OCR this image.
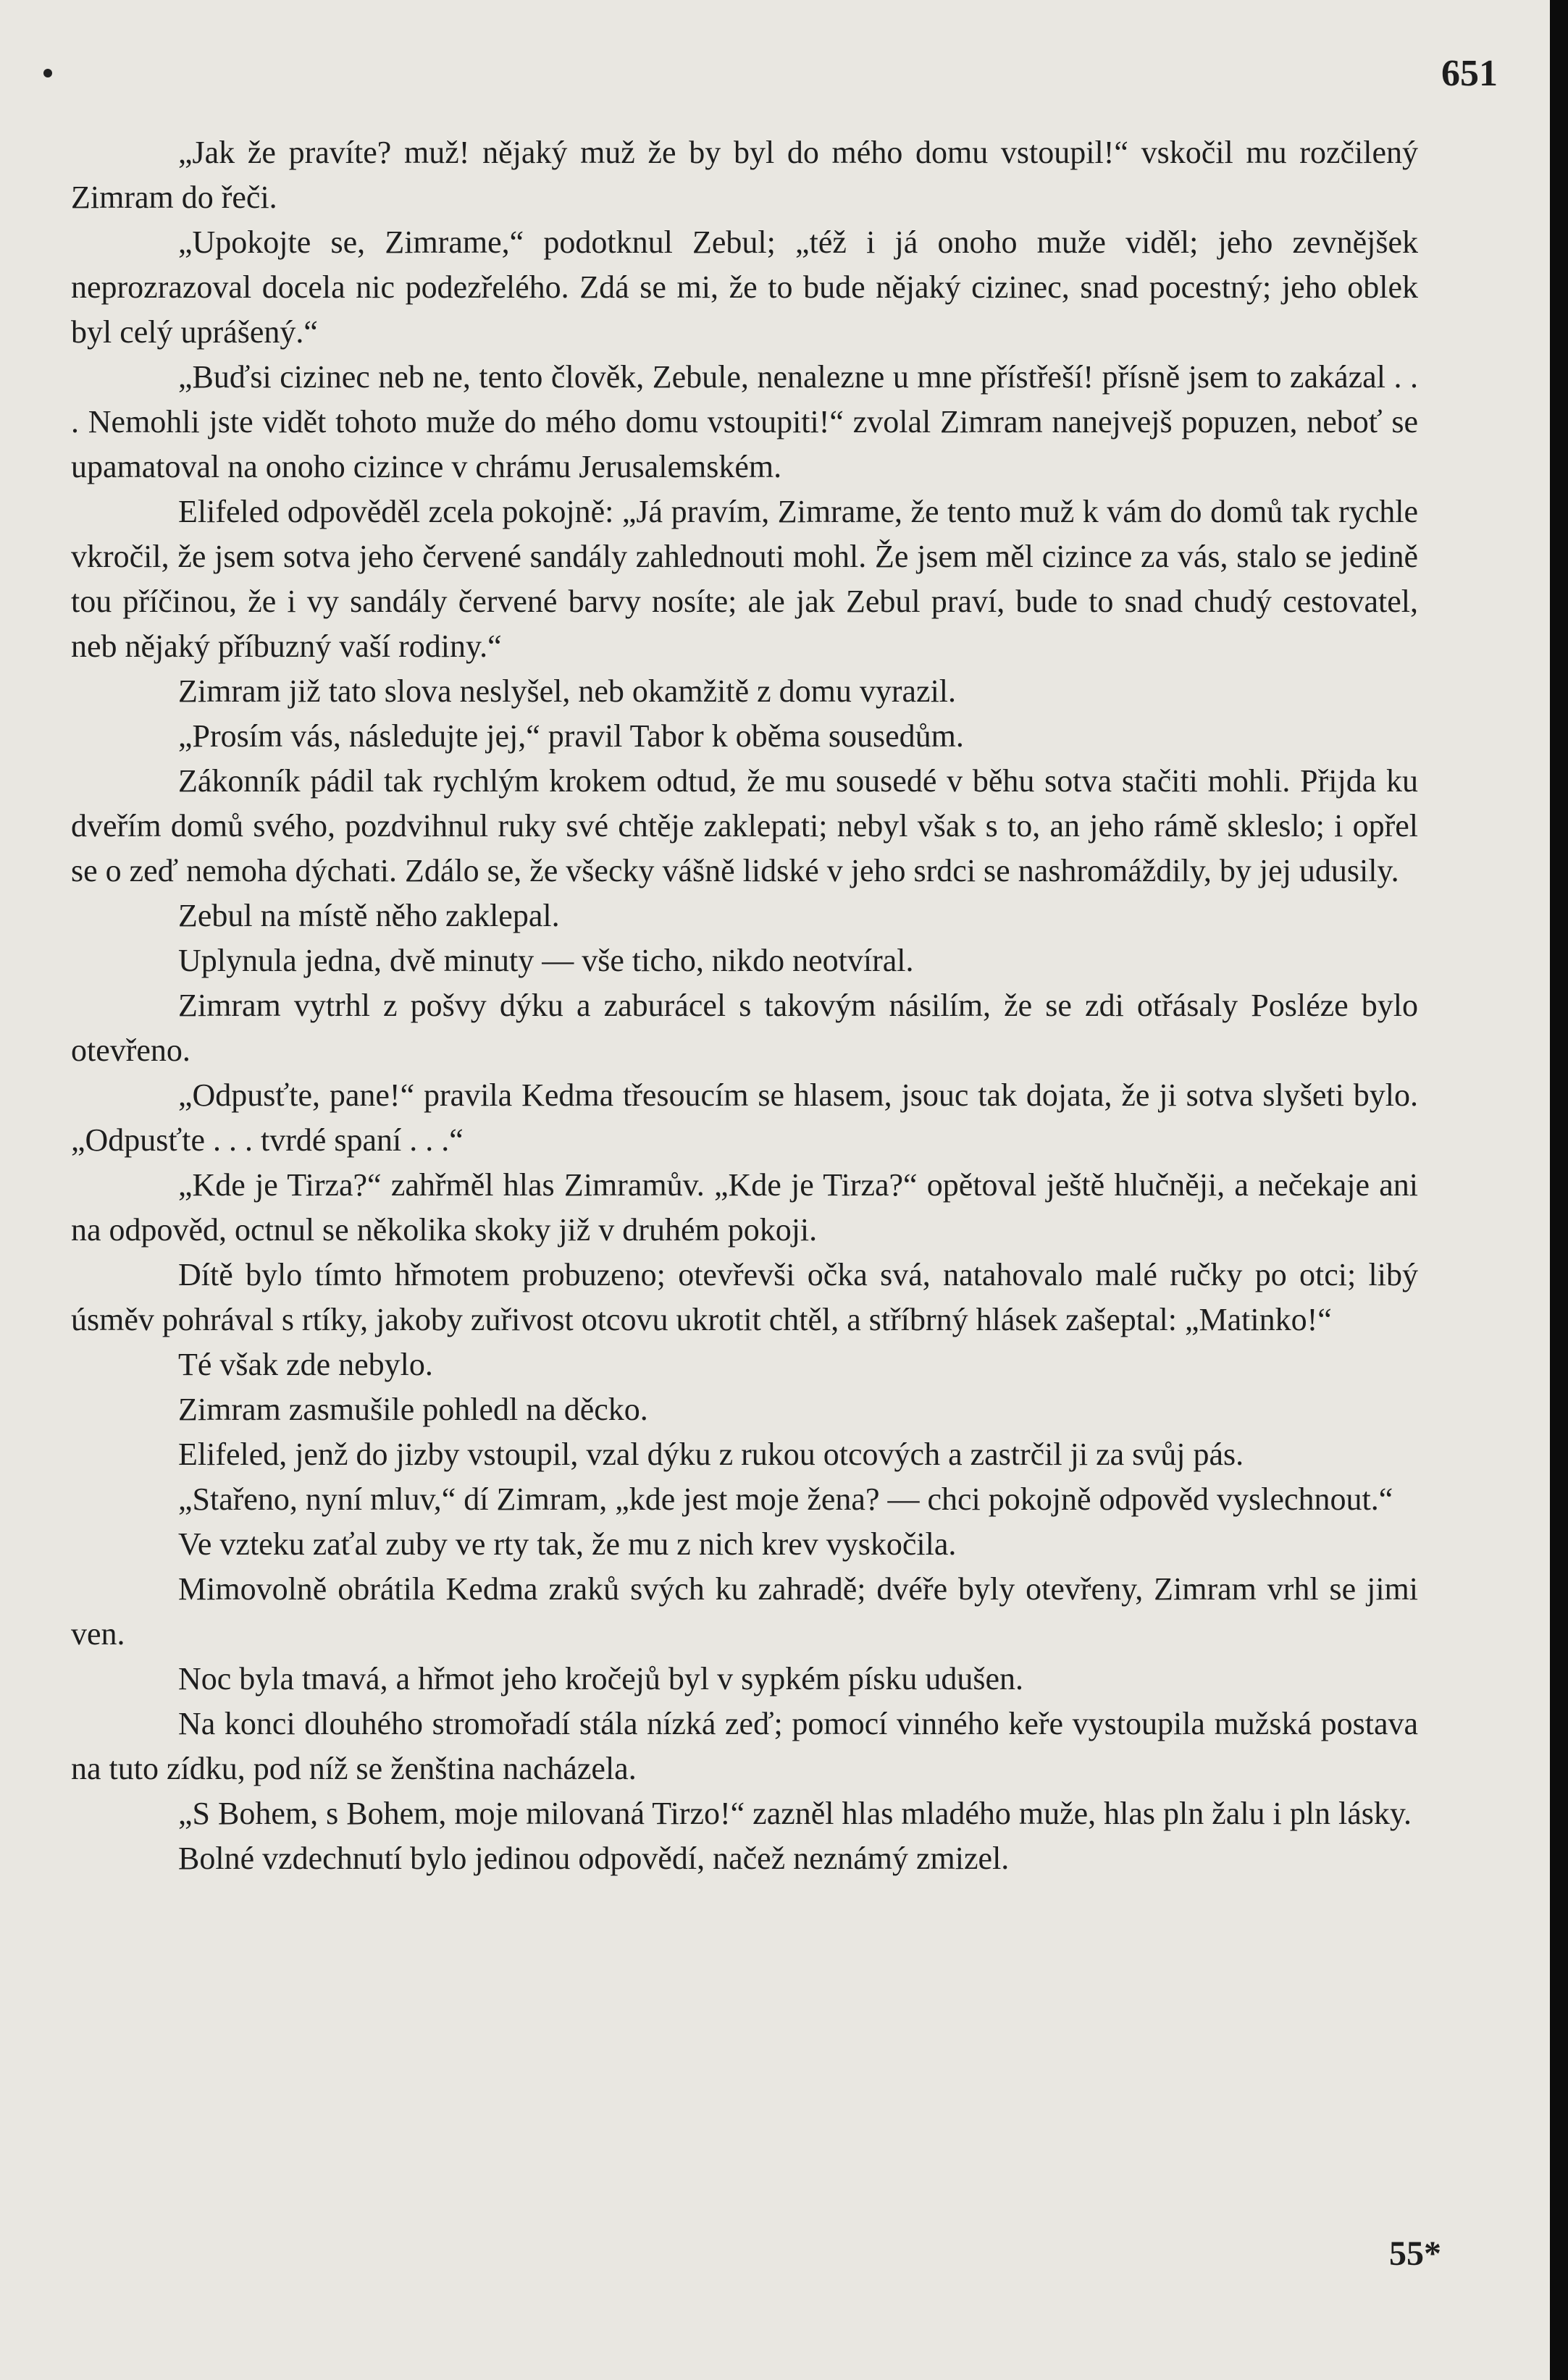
651

„Jak že pravíte? muž! nějaký muž že by byl do mého domu vstoupil!“ vskočil mu rozčilený Zimram do řeči.

„Upokojte se, Zimrame,“ podotknul Zebul; „též i já onoho muže viděl; jeho zevnějšek neprozrazoval docela nic podezřelého. Zdá se mi, že to bude nějaký cizinec, snad pocestný; jeho oblek byl celý uprášený.“

„Buďsi cizinec neb ne, tento člověk, Zebule, nenalezne u mne přístřeší! přísně jsem to zakázal . . . Nemohli jste vidět tohoto muže do mého domu vstoupiti!“ zvolal Zimram nanejvejš popuzen, neboť se upamatoval na onoho cizince v chrámu Jerusalemském.

Elifeled odpověděl zcela pokojně: „Já pravím, Zimrame, že tento muž k vám do domů tak rychle vkročil, že jsem sotva jeho červené sandály zahlednouti mohl. Že jsem měl cizince za vás, stalo se jedině tou příčinou, že i vy sandály červené barvy nosíte; ale jak Zebul praví, bude to snad chudý cestovatel, neb nějaký příbuzný vaší rodiny.“

Zimram již tato slova neslyšel, neb okamžitě z domu vyrazil.

„Prosím vás, následujte jej,“ pravil Tabor k oběma sousedům.

Zákonník pádil tak rychlým krokem odtud, že mu sousedé v běhu sotva stačiti mohli. Přijda ku dveřím domů svého, pozdvihnul ruky své chtěje zaklepati; nebyl však s to, an jeho rámě skleslo; i opřel se o zeď nemoha dýchati. Zdálo se, že všecky vášně lidské v jeho srdci se nashromáždily, by jej udusily.

Zebul na místě něho zaklepal.

Uplynula jedna, dvě minuty — vše ticho, nikdo neotvíral.

Zimram vytrhl z pošvy dýku a zaburácel s takovým násilím, že se zdi otřásaly Posléze bylo otevřeno.

„Odpusťte, pane!“ pravila Kedma třesoucím se hlasem, jsouc tak dojata, že ji sotva slyšeti bylo. „Odpusťte . . . tvrdé spaní . . .“

„Kde je Tirza?“ zahřměl hlas Zimramův. „Kde je Tirza?“ opětoval ještě hlučněji, a nečekaje ani na odpověd, octnul se několika skoky již v druhém pokoji.

Dítě bylo tímto hřmotem probuzeno; otevřevši očka svá, natahovalo malé ručky po otci; libý úsměv pohrával s rtíky, jakoby zuřivost otcovu ukrotit chtěl, a stříbrný hlásek zašeptal: „Matinko!“

Té však zde nebylo.

Zimram zasmušile pohledl na děcko.

Elifeled, jenž do jizby vstoupil, vzal dýku z rukou otcových a zastrčil ji za svůj pás.

„Stařeno, nyní mluv,“ dí Zimram, „kde jest moje žena? — chci pokojně odpověd vyslechnout.“

Ve vzteku zaťal zuby ve rty tak, že mu z nich krev vyskočila.

Mimovolně obrátila Kedma zraků svých ku zahradě; dvéře byly otevřeny, Zimram vrhl se jimi ven.

Noc byla tmavá, a hřmot jeho kročejů byl v sypkém písku udušen.

Na konci dlouhého stromořadí stála nízká zeď; pomocí vinného keře vystoupila mužská postava na tuto zídku, pod níž se ženština nacházela.

„S Bohem, s Bohem, moje milovaná Tirzo!“ zazněl hlas mladého muže, hlas pln žalu i pln lásky.

Bolné vzdechnutí bylo jedinou odpovědí, načež neznámý zmizel.

55*
